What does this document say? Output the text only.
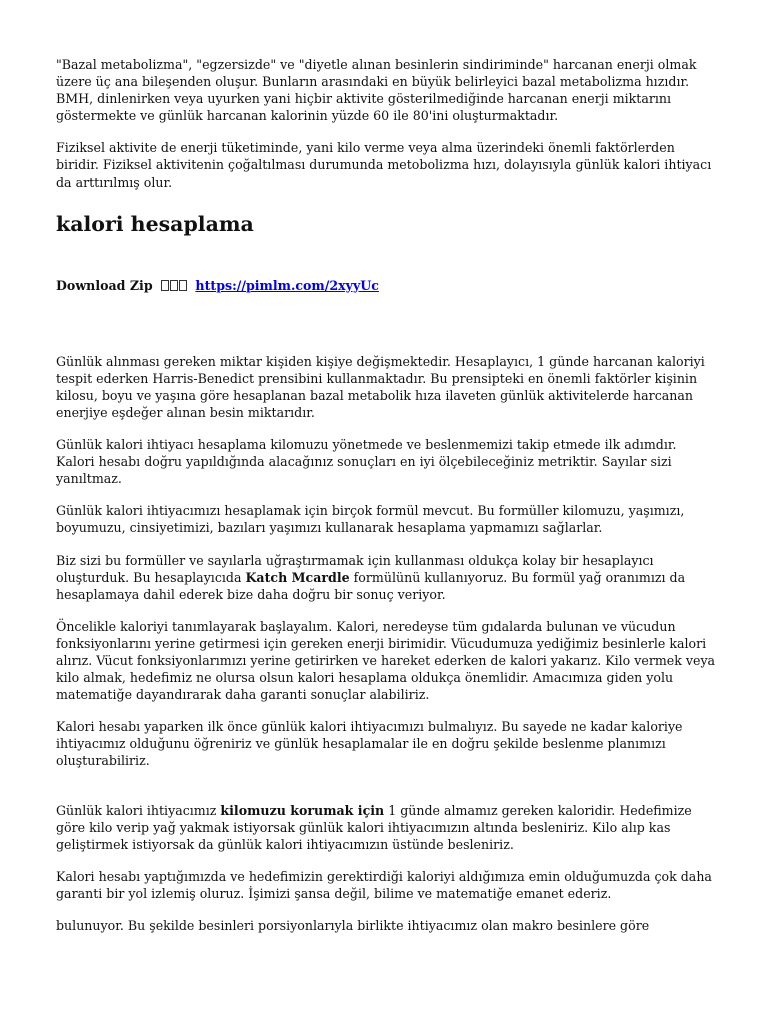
"Bazal metabolizma", "egzersizde" ve "diyetle alınan besinlerin sindiriminde" harcanan enerji olmak üzere üç ana bileşenden oluşur. Bunların arasındaki en büyük belirleyici bazal metabolizma hızıdır. BMH, dinlenirken veya uyurken yani hiçbir aktivite gösterilmediğinde harcanan enerji miktarını göstermekte ve günlük harcanan kalorinin yüzde 60 ile 80'ini oluşturmaktadır.

Fiziksel aktivite de enerji tüketiminde, yani kilo verme veya alma üzerindeki önemli faktörlerden biridir. Fiziksel aktivitenin çoğaltılması durumunda metobolizma hızı, dolayısıyla günlük kalori ihtiyacı da arttırılmış olur.

kalori hesaplama
Download Zip	https://pimlm.com/2xyyUc

Günlük alınması gereken miktar kişiden kişiye değişmektedir. Hesaplayıcı, 1 günde harcanan kaloriyi tespit ederken Harris-Benedict prensibini kullanmaktadır. Bu prensipteki en önemli faktörler kişinin kilosu, boyu ve yaşına göre hesaplanan bazal metabolik hıza ilaveten günlük aktivitelerde harcanan enerjiye eşdeğer alınan besin miktarıdır.

Günlük kalori ihtiyacı hesaplama kilomuzu yönetmede ve beslenmemizi takip etmede ilk adımdır. Kalori hesabı doğru yapıldığında alacağınız sonuçları en iyi ölçebileceğiniz metriktir. Sayılar sizi yanıltmaz.

Günlük kalori ihtiyacımızı hesaplamak için birçok formül mevcut. Bu formüller kilomuzu, yaşımızı, boyumuzu, cinsiyetimizi, bazıları yaşımızı kullanarak hesaplama yapmamızı sağlarlar.

Biz sizi bu formüller ve sayılarla uğraştırmamak için kullanması oldukça kolay bir hesaplayıcı oluşturduk. Bu hesaplayıcıda Katch Mcardle formülünü kullanıyoruz. Bu formül yağ oranımızı da hesaplamaya dahil ederek bize daha doğru bir sonuç veriyor.

Öncelikle kaloriyi tanımlayarak başlayalım. Kalori, neredeyse tüm gıdalarda bulunan ve vücudun fonksiyonlarını yerine getirmesi için gereken enerji birimidir. Vücudumuza yediğimiz besinlerle kalori alırız. Vücut fonksiyonlarımızı yerine getirirken ve hareket ederken de kalori yakarız. Kilo vermek veya kilo almak, hedefimiz ne olursa olsun kalori hesaplama oldukça önemlidir. Amacımıza giden yolu matematiğe dayandırarak daha garanti sonuçlar alabiliriz.

Kalori hesabı yaparken ilk önce günlük kalori ihtiyacımızı bulmalıyız. Bu sayede ne kadar kaloriye ihtiyacımız olduğunu öğreniriz ve günlük hesaplamalar ile en doğru şekilde beslenme planımızı oluşturabiliriz.

Günlük kalori ihtiyacımız kilomuzu korumak için 1 günde almamız gereken kaloridir. Hedefimize göre kilo verip yağ yakmak istiyorsak günlük kalori ihtiyacımızın altında besleniriz. Kilo alıp kas geliştirmek istiyorsak da günlük kalori ihtiyacımızın üstünde besleniriz.

Kalori hesabı yaptığımızda ve hedefimizin gerektirdiği kaloriyi aldığımıza emin olduğumuzda çok daha garanti bir yol izlemiş oluruz. İşimizi şansa değil, bilime ve matematiğe emanet ederiz.

bulunuyor. Bu şekilde besinleri porsiyonlarıyla birlikte ihtiyacımız olan makro besinlere göre
